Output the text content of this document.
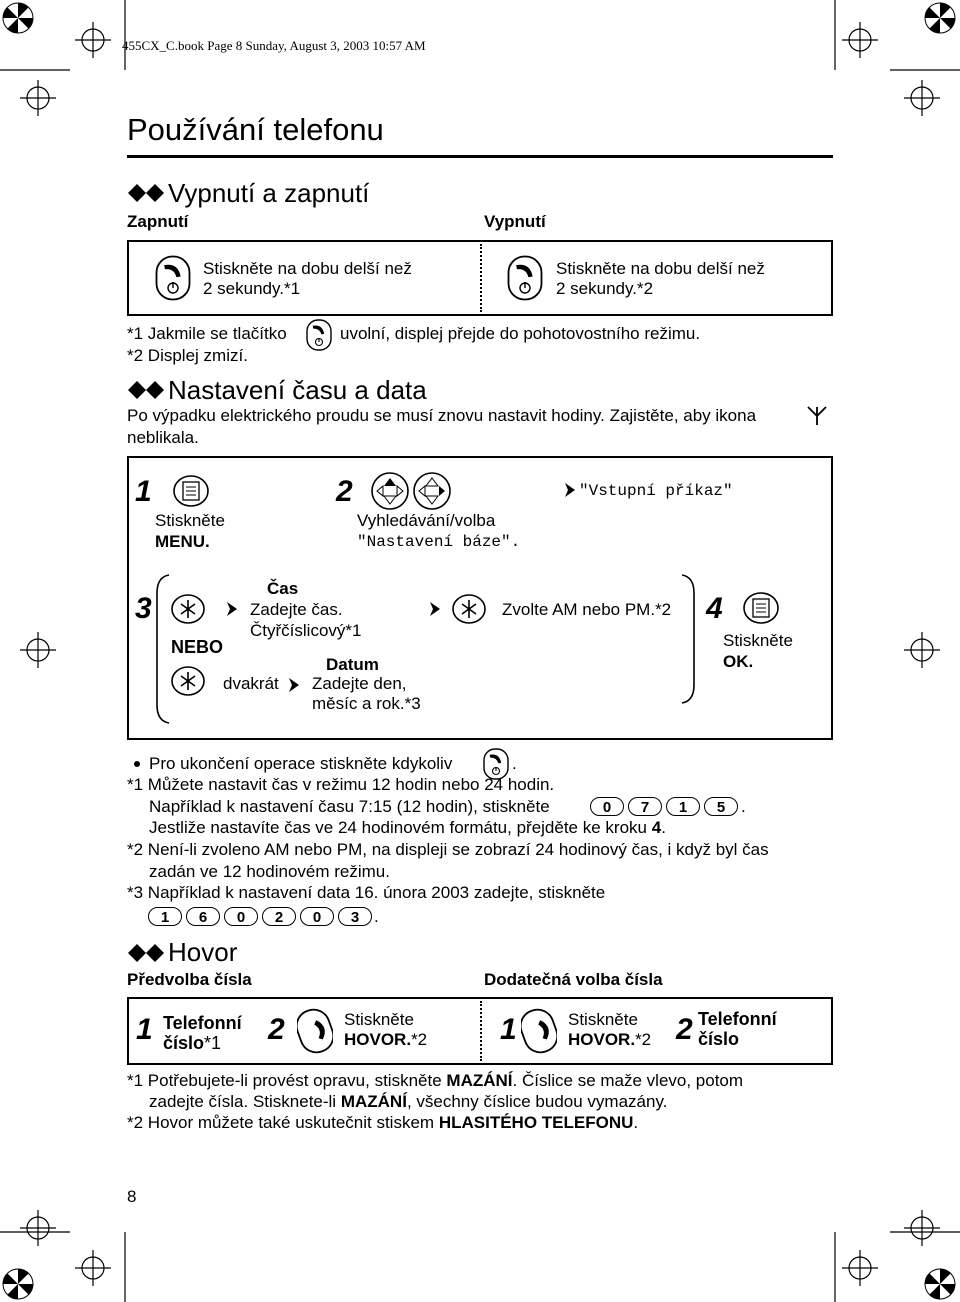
455CX_C.book Page 8 Sunday, August 3, 2003 10:57 AM
Používání telefonu
Vypnutí a zapnutí
Zapnutí	Vypnutí
Stiskněte na dobu delší než
2 sekundy.*1
Stiskněte na dobu delší než
2 sekundy.*2
*1 Jakmile se tlačítko	uvolní, displej přejde do pohotovostního režimu.
*2 Displej zmizí.
Nastavení času a data
Po výpadku elektrického proudu se musí znovu nastavit hodiny. Zajistěte, aby ikona
neblikala.
1
Stiskněte
MENU.
2
Vyhledávání/volba
"Nastavení báze".
"Vstupní příkaz"
3
Čas
Zadejte čas.
Čtyřčíslicový*1
Zvolte AM nebo PM.*2
NEBO
Datum
dvakrát Zadejte den,
měsíc a rok.*3
4
Stiskněte
OK.
Pro ukončení operace stiskněte kdykoliv	.
*1 Můžete nastavit čas v režimu 12 hodin nebo 24 hodin.
Například k nastavení času 7:15 (12 hodin), stiskněte	0	7	1	5 .
Jestliže nastavíte čas ve 24 hodinovém formátu, přejděte ke kroku 4.
*2 Není-li zvoleno AM nebo PM, na displeji se zobrazí 24 hodinový čas, i když byl čas
zadán ve 12 hodinovém režimu.
*3 Například k nastavení data 16. února 2003 zadejte, stiskněte
1	6	0	2	0	3 .
Hovor
Předvolba čísla	Dodatečná volba čísla
1 Telefonní
číslo*1 2	Stiskněte
HOVOR.*2 1	Stiskněte
HOVOR.*2 2 Telefonní
číslo
*1 Potřebujete-li provést opravu, stiskněte MAZÁNÍ. Číslice se maže vlevo, potom
zadejte čísla. Stisknete-li MAZÁNÍ, všechny číslice budou vymazány.
*2 Hovor můžete také uskutečnit stiskem HLASITÉHO TELEFONU.
8
